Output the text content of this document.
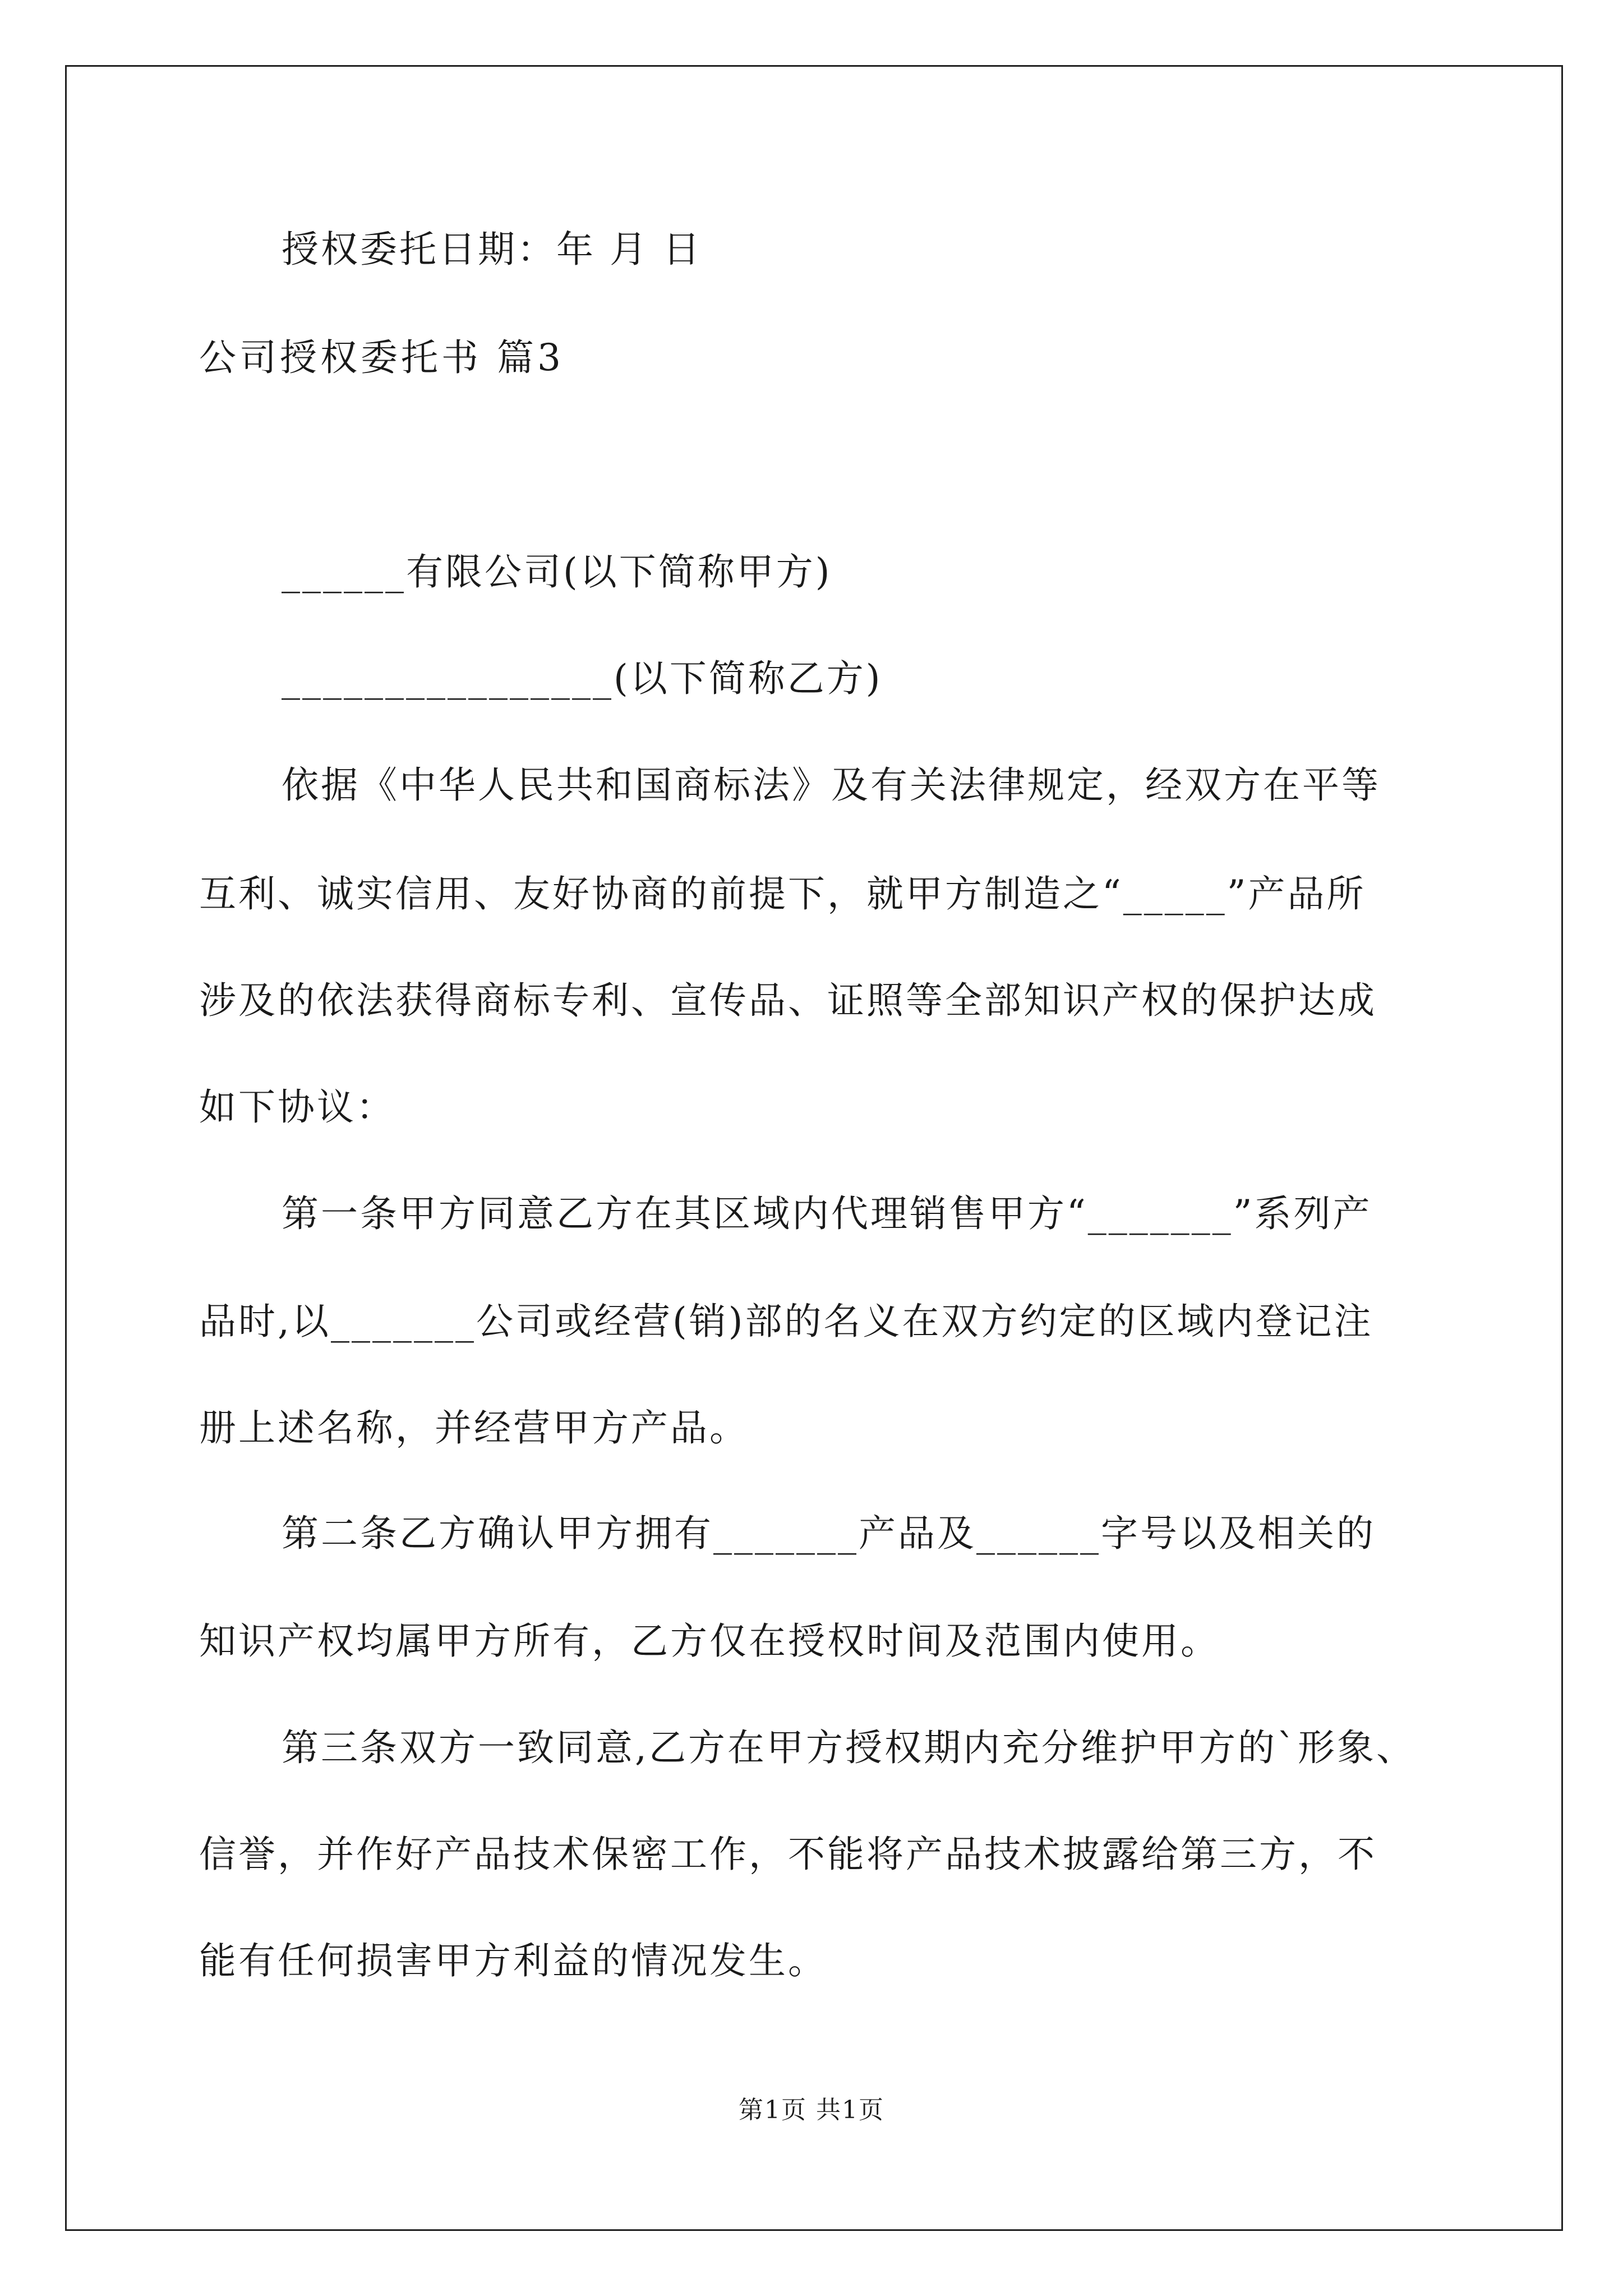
授权委托日期：年 月 日
公司授权委托书 篇3
______有限公司(以下简称甲方)
________________(以下简称乙方)
依据《中华人民共和国商标法》及有关法律规定，经双方在平等
互利、诚实信用、友好协商的前提下，就甲方制造之“_____”产品所
涉及的依法获得商标专利、宣传品、证照等全部知识产权的保护达成
如下协议：
第一条甲方同意乙方在其区域内代理销售甲方“_______”系列产
品时,以_______公司或经营(销)部的名义在双方约定的区域内登记注
册上述名称，并经营甲方产品。
第二条乙方确认甲方拥有_______产品及______字号以及相关的
知识产权均属甲方所有，乙方仅在授权时间及范围内使用。
第三条双方一致同意,乙方在甲方授权期内充分维护甲方的`形象、
信誉，并作好产品技术保密工作，不能将产品技术披露给第三方，不
能有任何损害甲方利益的情况发生。
第1页 共1页
